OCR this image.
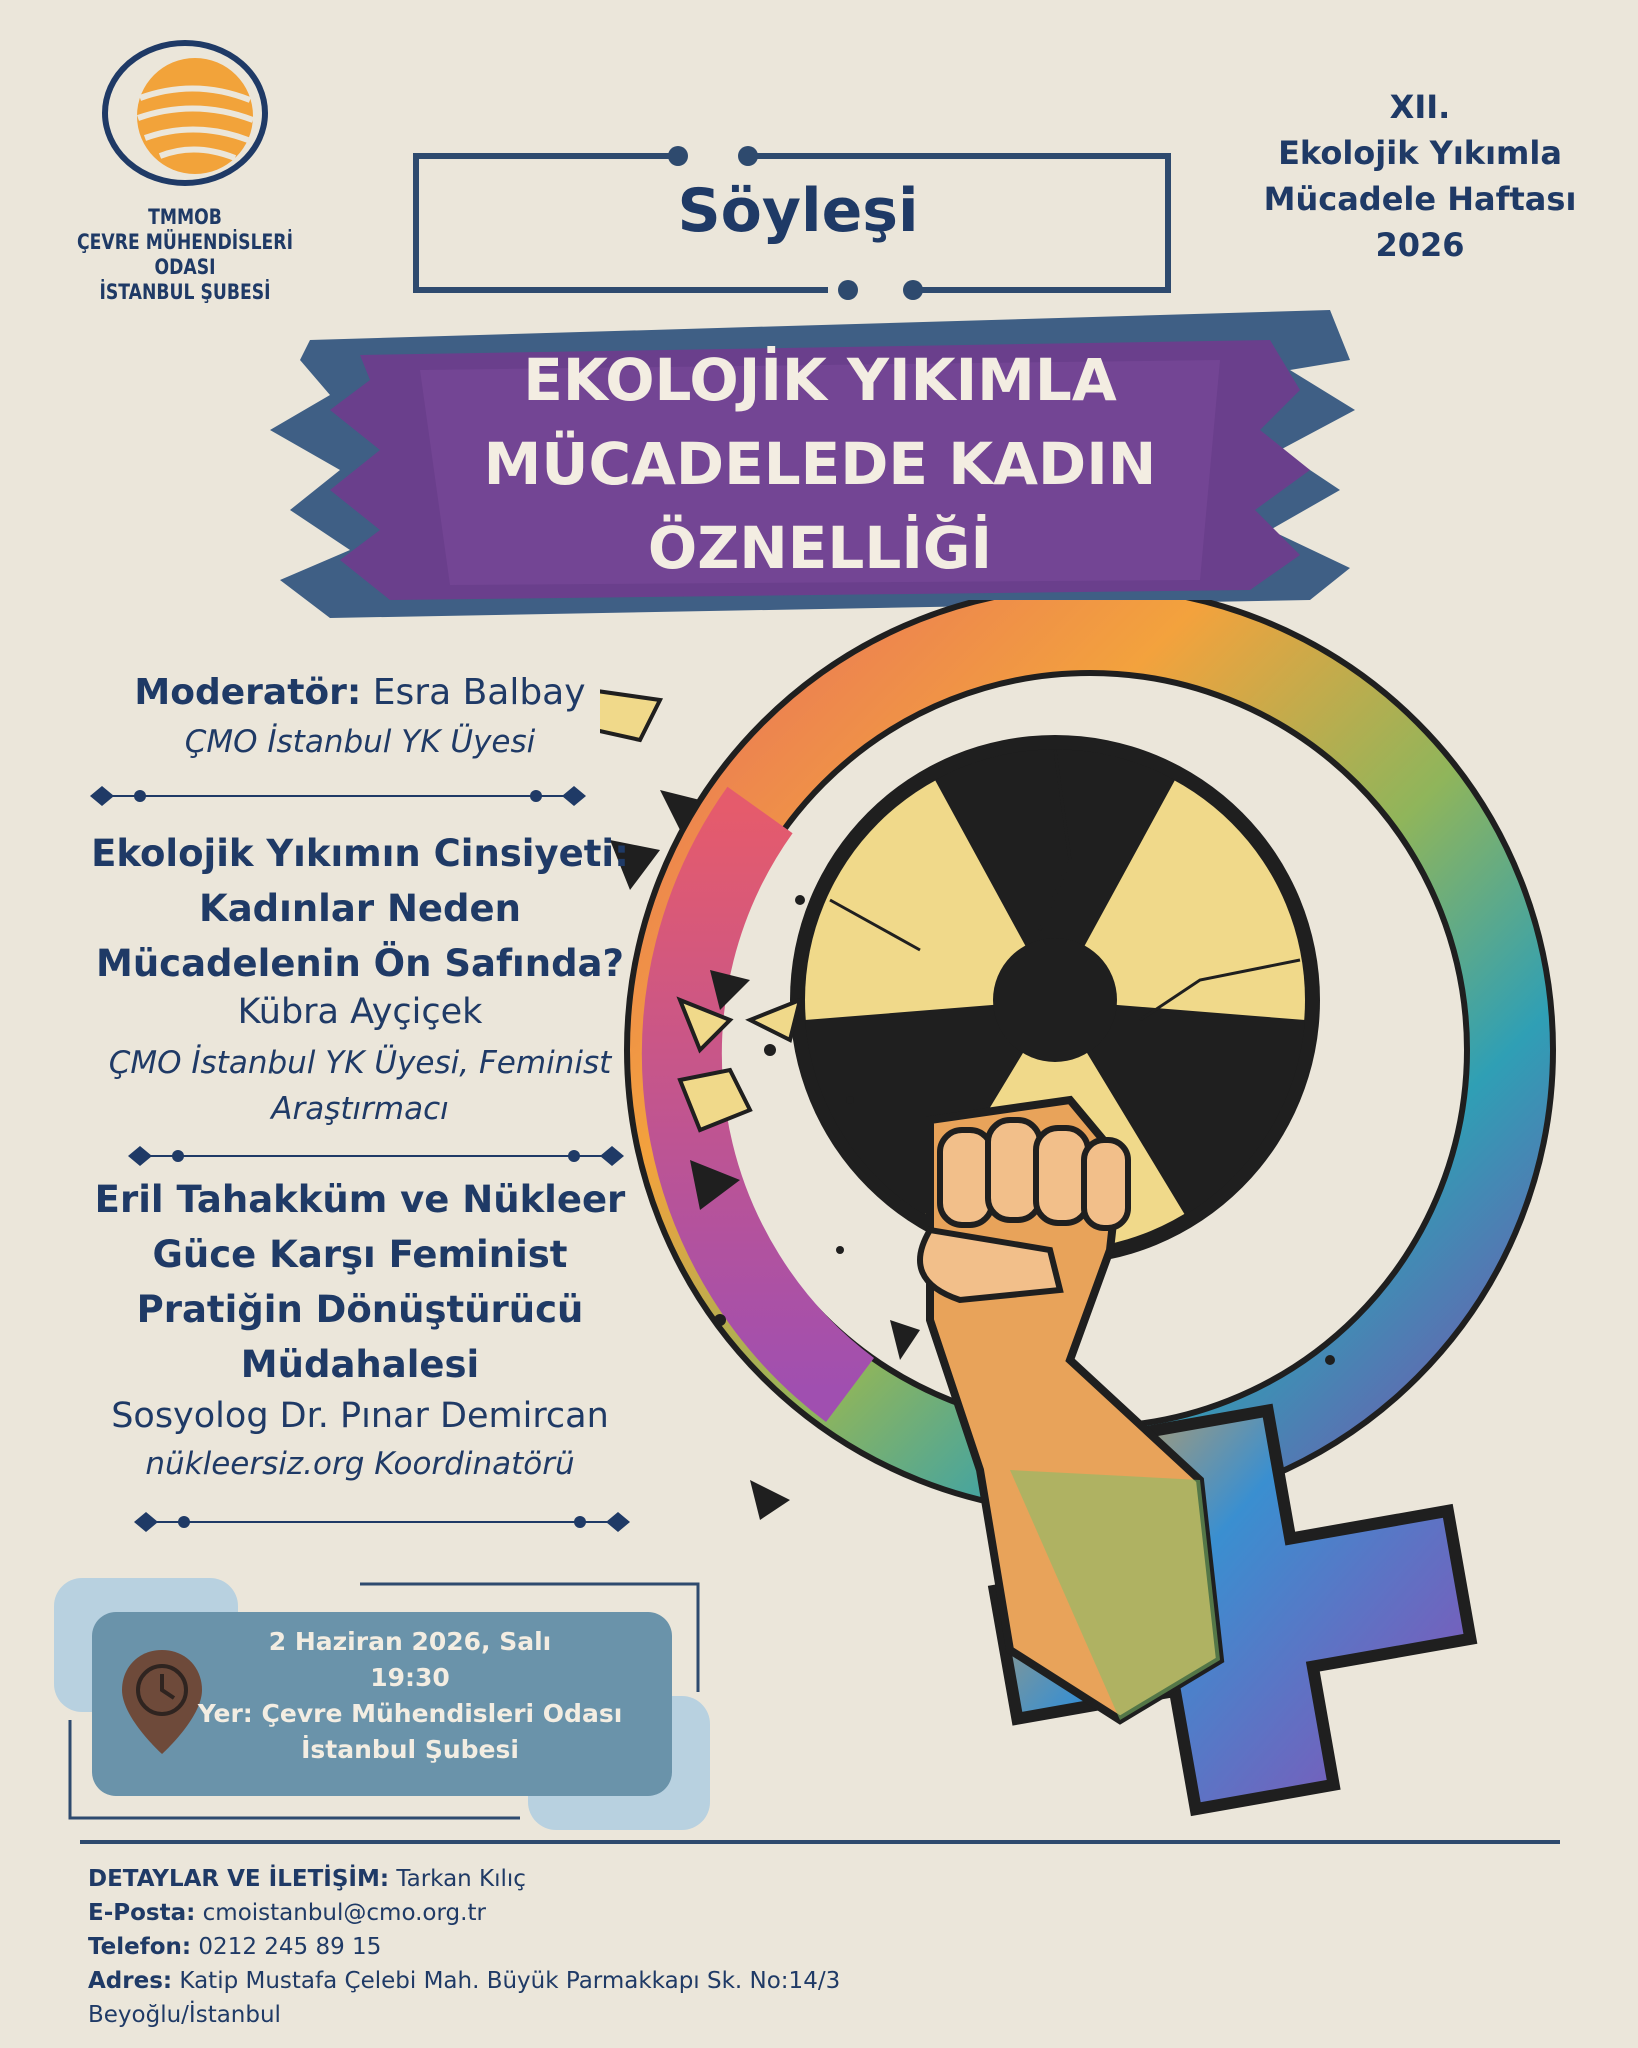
TMMOB
ÇEVRE MÜHENDİSLERİ ODASI
İSTANBUL ŞUBESİ
XII.
Ekolojik Yıkımla
Mücadele Haftası
2026
Söyleşi
EKOLOJİK YIKIMLA
MÜCADELEDE KADIN
ÖZNELLİĞİ
Moderatör: Esra Balbay
ÇMO İstanbul YK Üyesi
Ekolojik Yıkımın Cinsiyeti:
Kadınlar Neden
Mücadelenin Ön Safında?
Kübra Ayçiçek
ÇMO İstanbul YK Üyesi, Feminist
Araştırmacı
Eril Tahakküm ve Nükleer
Güce Karşı Feminist
Pratiğin Dönüştürücü
Müdahalesi
Sosyolog Dr. Pınar Demircan
nükleersiz.org Koordinatörü
2 Haziran 2026, Salı
19:30
Yer: Çevre Mühendisleri Odası
İstanbul Şubesi
DETAYLAR VE İLETİŞİM: Tarkan Kılıç
E-Posta: cmoistanbul@cmo.org.tr
Telefon: 0212 245 89 15
Adres: Katip Mustafa Çelebi Mah. Büyük Parmakkapı Sk. No:14/3
Beyoğlu/İstanbul
